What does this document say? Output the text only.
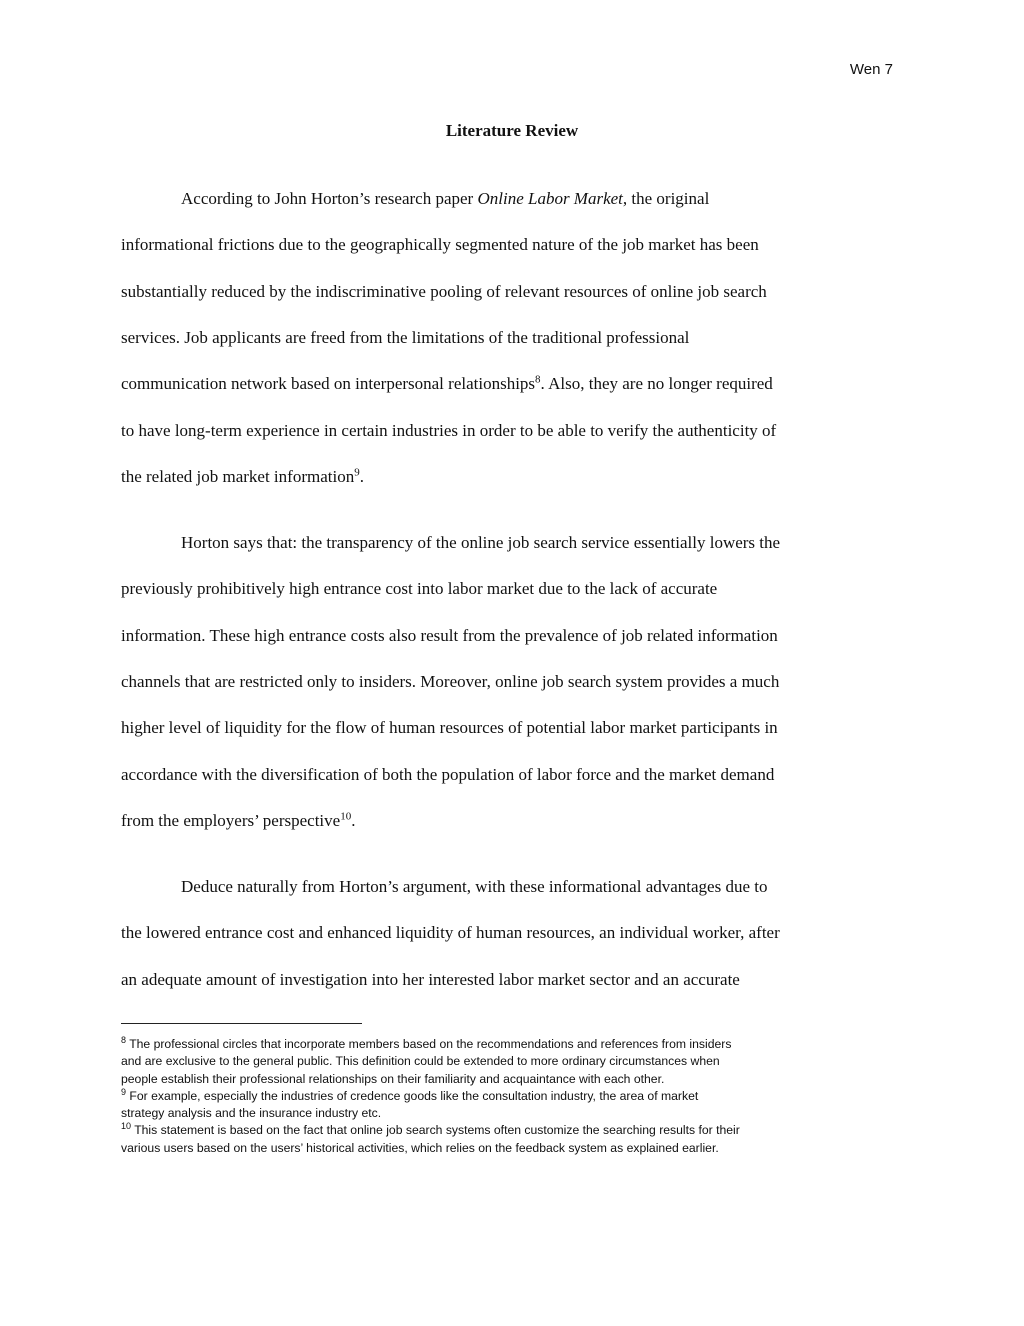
Wen 7
Literature Review
According to John Horton’s research paper Online Labor Market, the original
informational frictions due to the geographically segmented nature of the job market has been
substantially reduced by the indiscriminative pooling of relevant resources of online job search
services. Job applicants are freed from the limitations of the traditional professional
communication network based on interpersonal relationships$^8$. Also, they are no longer required
to have long-term experience in certain industries in order to be able to verify the authenticity of
the related job market information$^9$.
Horton says that: the transparency of the online job search service essentially lowers the
previously prohibitively high entrance cost into labor market due to the lack of accurate
information. These high entrance costs also result from the prevalence of job related information
channels that are restricted only to insiders. Moreover, online job search system provides a much
higher level of liquidity for the flow of human resources of potential labor market participants in
accordance with the diversification of both the population of labor force and the market demand
from the employers’ perspective$^{10}$.
Deduce naturally from Horton’s argument, with these informational advantages due to
the lowered entrance cost and enhanced liquidity of human resources, an individual worker, after
an adequate amount of investigation into her interested labor market sector and an accurate
$^8$ The professional circles that incorporate members based on the recommendations and references from insiders
and are exclusive to the general public. This definition could be extended to more ordinary circumstances when
people establish their professional relationships on their familiarity and acquaintance with each other.
$^9$ For example, especially the industries of credence goods like the consultation industry, the area of market
strategy analysis and the insurance industry etc.
$^{10}$ This statement is based on the fact that online job search systems often customize the searching results for their
various users based on the users’ historical activities, which relies on the feedback system as explained earlier.
